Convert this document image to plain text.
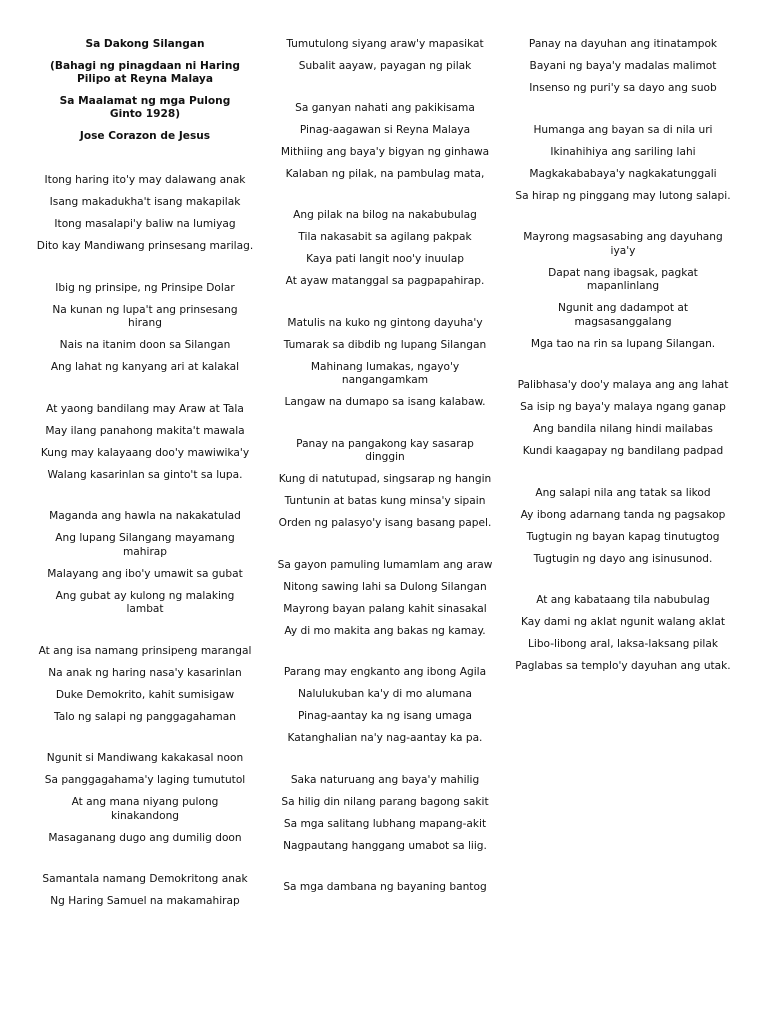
Sa Dakong Silangan
(Bahagi ng pinagdaan ni Haring Pilipo at Reyna Malaya
Sa Maalamat ng mga Pulong Ginto 1928)
Jose Corazon de Jesus
Itong haring ito'y may dalawang anak
Isang makadukha't isang makapilak
Itong masalapi'y baliw na lumiyag
Dito kay Mandiwang prinsesang marilag.
Ibig ng prinsipe, ng Prinsipe Dolar
Na kunan ng lupa't ang prinsesang hirang
Nais na itanim doon sa Silangan
Ang lahat ng kanyang ari at kalakal
At yaong bandilang may Araw at Tala
May ilang panahong makita't mawala
Kung may kalayaang doo'y mawiwika'y
Walang kasarinlan sa ginto't sa lupa.
Maganda ang hawla na nakakatulad
Ang lupang Silangang mayamang mahirap
Malayang ang ibo'y umawit sa gubat
Ang gubat ay kulong ng malaking lambat
At ang isa namang prinsipeng marangal
Na anak ng haring nasa'y kasarinlan
Duke Demokrito, kahit sumisigaw
Talo ng salapi ng panggagahaman
Ngunit si Mandiwang kakakasal noon
Sa panggagahama'y laging tumututol
At ang mana niyang pulong kinakandong
Masaganang dugo ang dumilig doon
Samantala namang Demokritong anak
Ng Haring Samuel na makamahirap
Tumutulong siyang araw'y mapasikat
Subalit aayaw, payagan ng pilak
Sa ganyan nahati ang pakikisama
Pinag-aagawan si Reyna Malaya
Mithiing ang baya'y bigyan ng ginhawa
Kalaban ng pilak, na pambulag mata,
Ang pilak na bilog na nakabubulag
Tila nakasabit sa agilang pakpak
Kaya pati langit noo'y inuulap
At ayaw matanggal sa pagpapahirap.
Matulis na kuko ng gintong dayuha'y
Tumarak sa dibdib ng lupang Silangan
Mahinang lumakas, ngayo'y nangangamkam
Langaw na dumapo sa isang kalabaw.
Panay na pangakong kay sasarap dinggin
Kung di natutupad, singsarap ng hangin
Tuntunin at batas kung minsa'y sipain
Orden ng palasyo'y isang basang papel.
Sa gayon pamuling lumamlam ang araw
Nitong sawing lahi sa Dulong Silangan
Mayrong bayan palang kahit sinasakal
Ay di mo makita ang bakas ng kamay.
Parang may engkanto ang ibong Agila
Nalulukuban ka'y di mo alumana
Pinag-aantay ka ng isang umaga
Katanghalian na'y nag-aantay ka pa.
Saka naturuang ang baya'y mahilig
Sa hilig din nilang parang bagong sakit
Sa mga salitang lubhang mapang-akit
Nagpautang hanggang umabot sa liig.
Sa mga dambana ng bayaning bantog
Panay na dayuhan ang itinatampok
Bayani ng baya'y madalas malimot
Insenso ng puri'y sa dayo ang suob
Humanga ang bayan sa di nila uri
Ikinahihiya ang sariling lahi
Magkakababaya'y nagkakatunggali
Sa hirap ng pinggang may lutong salapi.
Mayrong magsasabing ang dayuhang iya'y
Dapat nang ibagsak, pagkat mapanlinlang
Ngunit ang dadampot at magsasanggalang
Mga tao na rin sa lupang Silangan.
Palibhasa'y doo'y malaya ang ang lahat
Sa isip ng baya'y malaya ngang ganap
Ang bandila nilang hindi mailabas
Kundi kaagapay ng bandilang padpad
Ang salapi nila ang tatak sa likod
Ay ibong adarnang tanda ng pagsakop
Tugtugin ng bayan kapag tinutugtog
Tugtugin ng dayo ang isinusunod.
At ang kabataang tila nabubulag
Kay dami ng aklat ngunit walang aklat
Libo-libong aral, laksa-laksang pilak
Paglabas sa templo'y dayuhan ang utak.
